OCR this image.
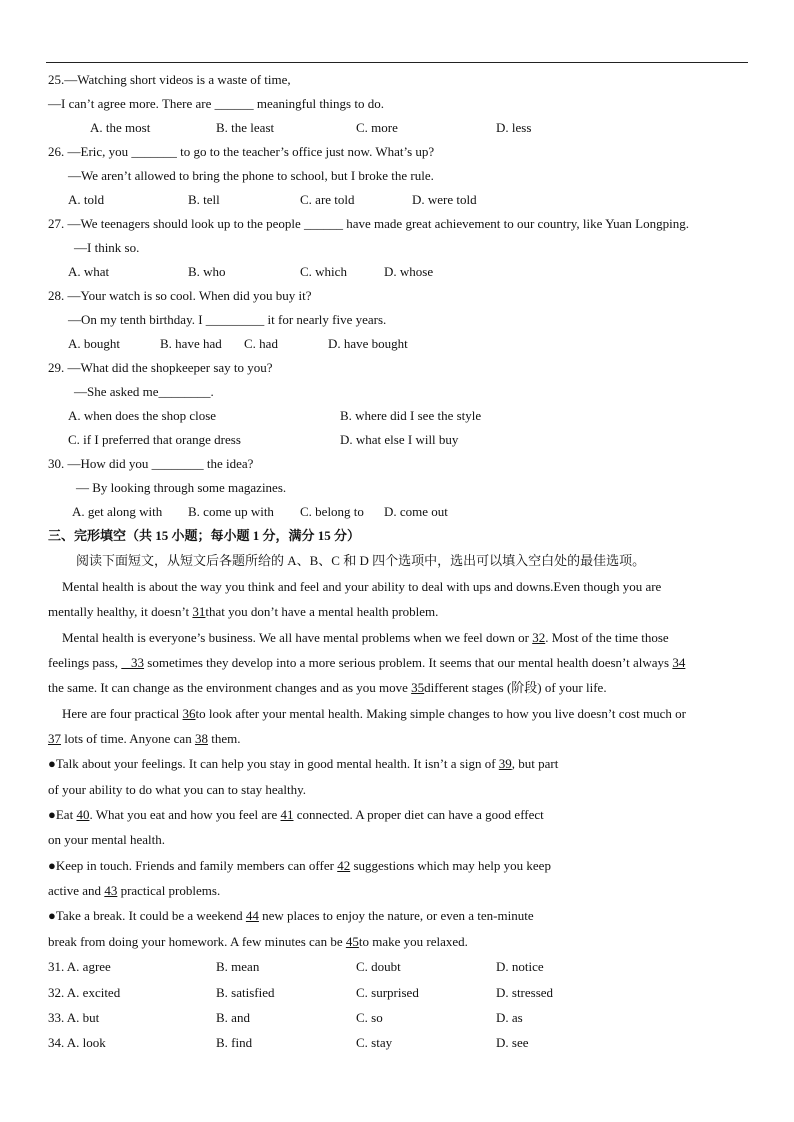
25.—Watching short videos is a waste of time,
—I can’t agree more. There are ______ meaningful things to do.
A. the most	B. the least	C. more	D. less
26. —Eric, you _______ to go to the teacher’s office just now. What’s up?
—We aren’t allowed to bring the phone to school, but I broke the rule.
A. told	B. tell	C. are told	D. were told
27. —We teenagers should look up to the people ______ have made great achievement to our country, like Yuan Longping.
—I think so.
A. what	B. who	C. which	D. whose
28. —Your watch is so cool. When did you buy it?
—On my tenth birthday. I _________ it for nearly five years.
A. bought	B. have had C. had	D. have bought
29. —What did the shopkeeper say to you?
—She asked me________.
A. when does the shop close	B. where did I see the style
C. if I preferred that orange dress	D. what else I will buy
30. —How did you ________ the idea?
— By looking through some magazines.
A. get along with B. come up with C. belong to D. come out
三、完形填空（共 15 小题；每小题 1 分，满分 15 分）
阅读下面短文，从短文后各题所给的 A、B、C 和 D 四个选项中，选出可以填入空白处的最佳选项。
Mental health is about the way you think and feel and your ability to deal with ups and downs.Even though you are
mentally healthy, it doesn’t 31that you don’t have a mental health problem.
Mental health is everyone’s business. We all have mental problems when we feel down or 32. Most of the time those
feelings pass,    33 sometimes they develop into a more serious problem. It seems that our mental health doesn’t always 34
the same. It can change as the environment changes and as you move 35different stages (阶段) of your life.
Here are four practical 36to look after your mental health. Making simple changes to how you live doesn’t cost much or
37 lots of time. Anyone can 38 them.
●Talk about your feelings. It can help you stay in good mental health. It isn’t a sign of 39, but part
of your ability to do what you can to stay healthy.
●Eat 40. What you eat and how you feel are 41 connected. A proper diet can have a good effect
on your mental health.
●Keep in touch. Friends and family members can offer 42 suggestions which may help you keep
active and 43 practical problems.
●Take a break. It could be a weekend 44 new places to enjoy the nature, or even a ten-minute
break from doing your homework. A few minutes can be 45to make you relaxed.
31. A. agree	B. mean	C. doubt	D. notice
32. A. excited	B. satisfied	C. surprised	D. stressed
33. A. but	B. and	C. so	D. as
34. A. look	B. find	C. stay	D. see
